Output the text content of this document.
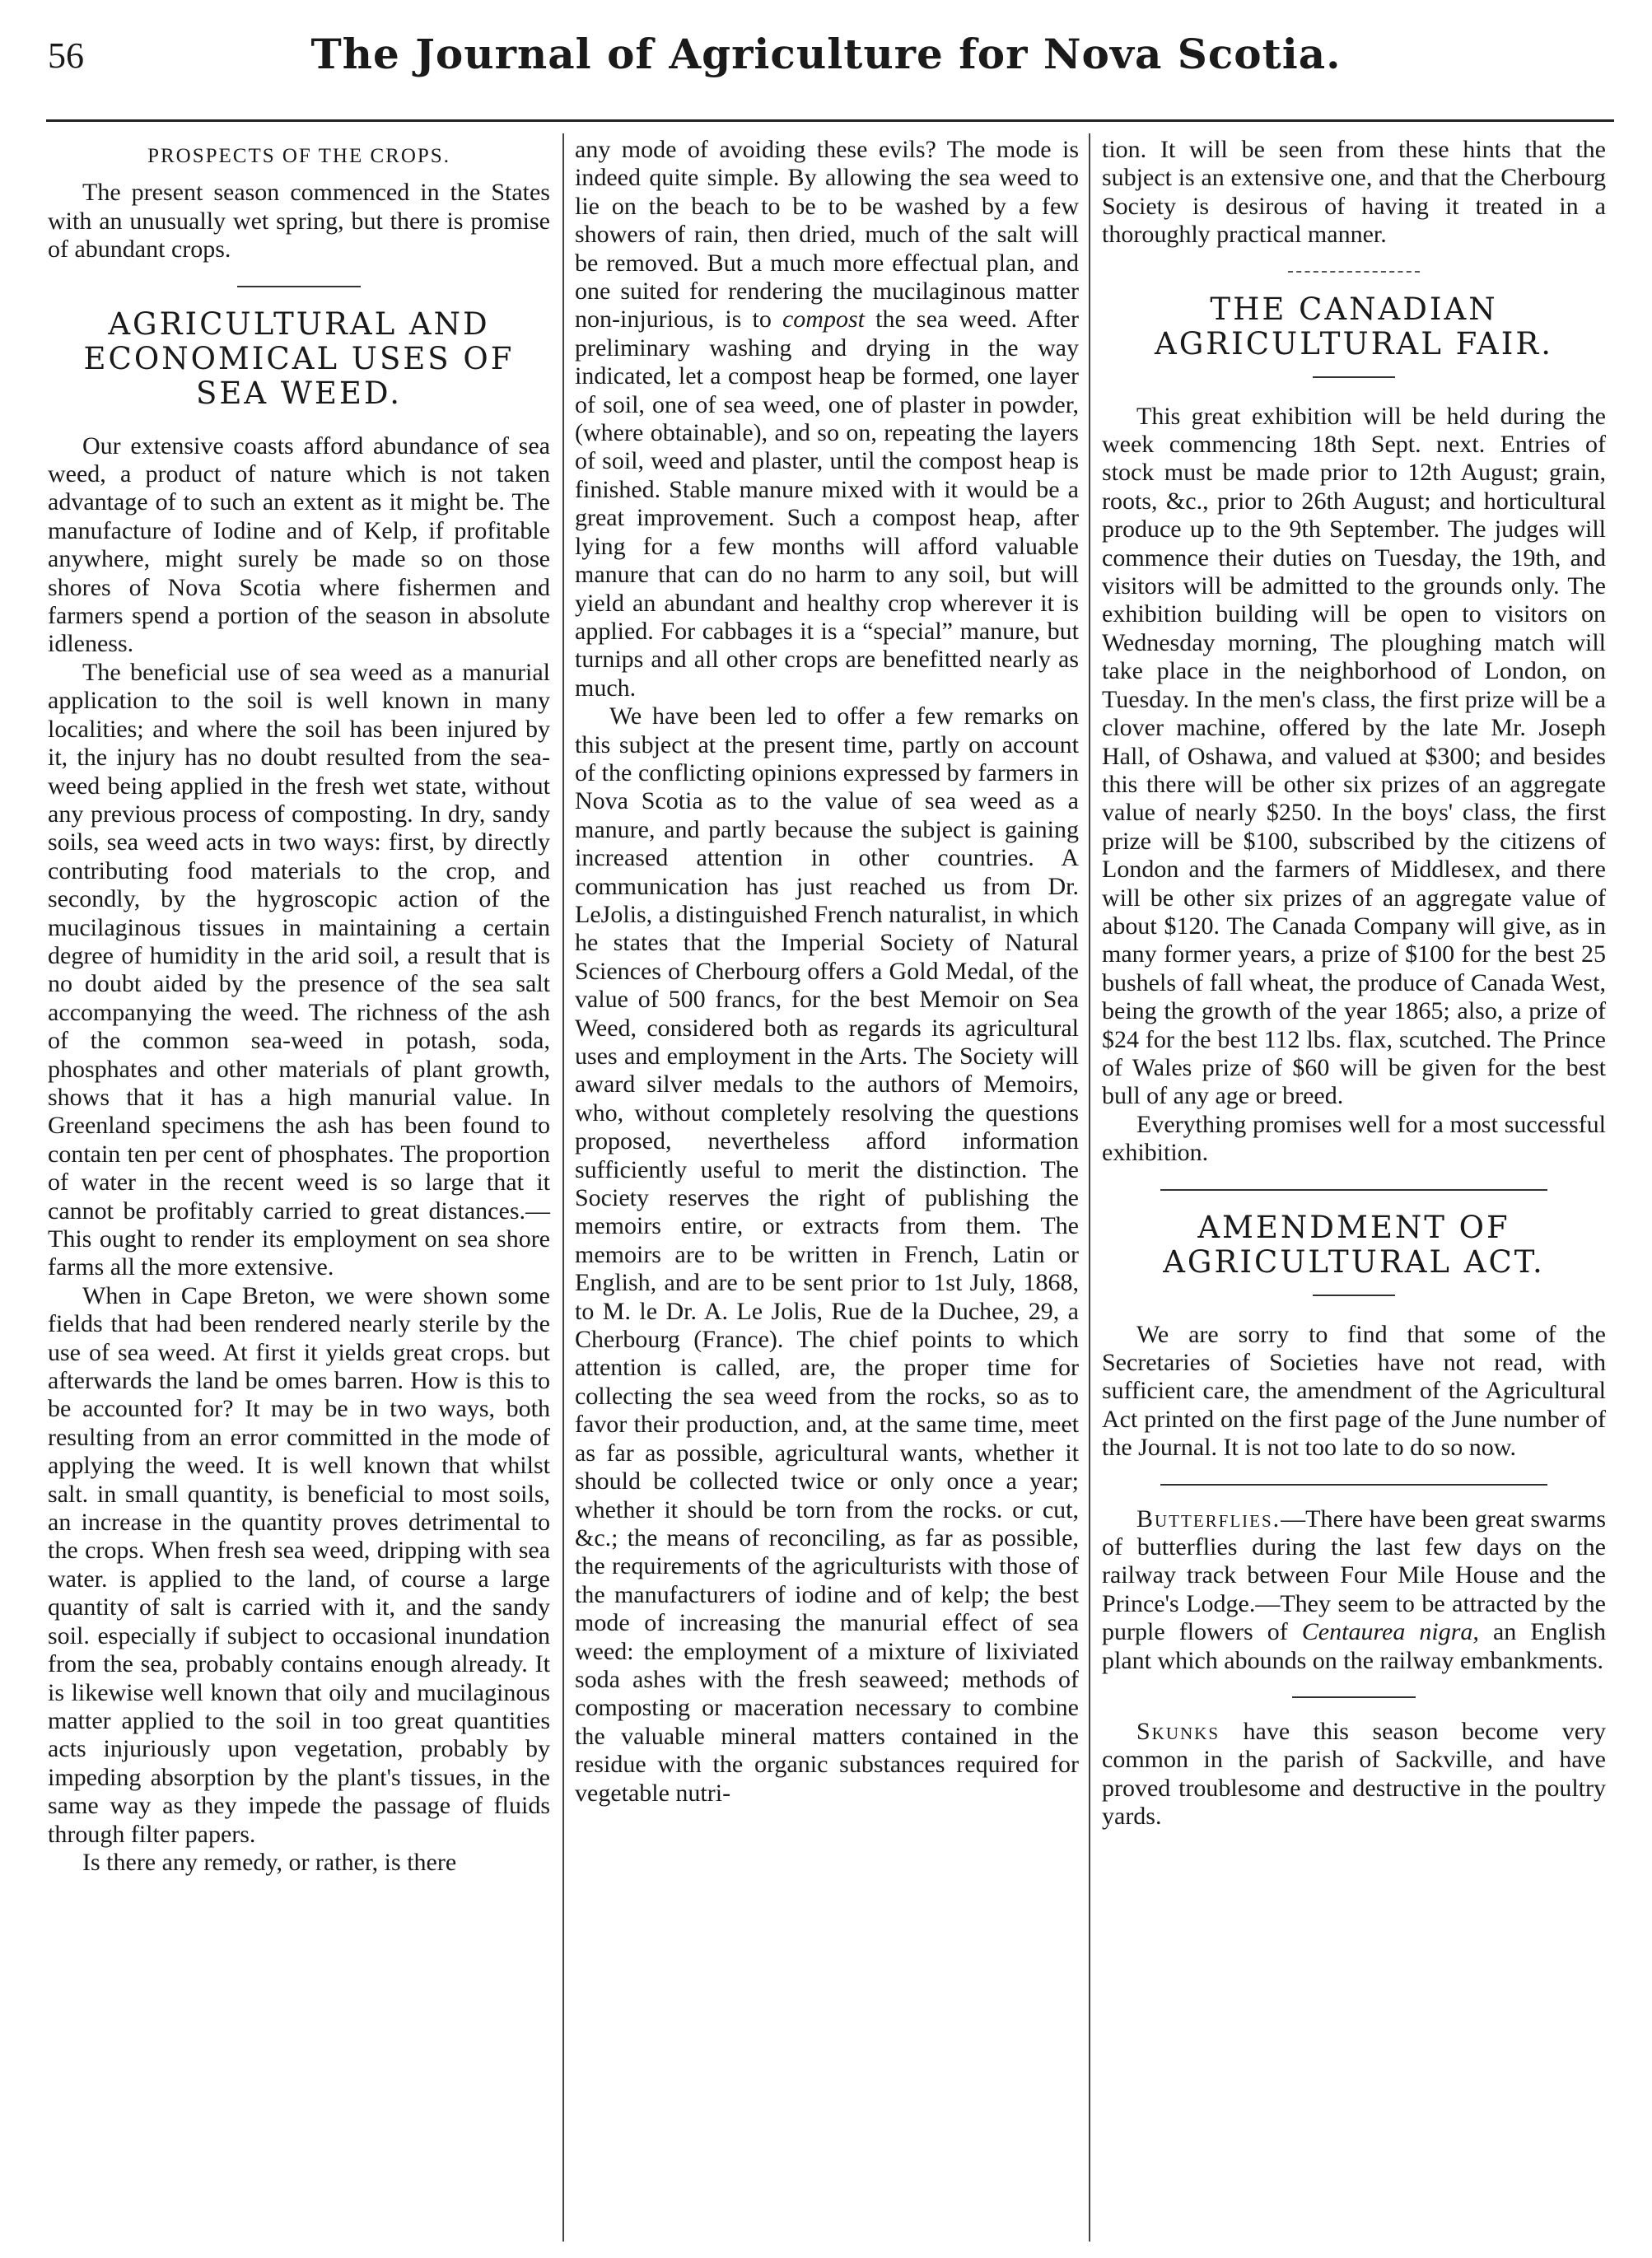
56	The Journal of Agriculture for Nova Scotia.
PROSPECTS OF THE CROPS.

The present season commenced in the States with an unusually wet spring, but there is promise of abundant crops.

AGRICULTURAL AND ECONOMICAL USES OF SEA WEED.

Our extensive coasts afford abundance of sea weed, a product of nature which is not taken advantage of to such an extent as it might be. The manufacture of Iodine and of Kelp, if profitable anywhere, might surely be made so on those shores of Nova Scotia where fishermen and farmers spend a portion of the season in absolute idleness.

The beneficial use of sea weed as a manurial application to the soil is well known in many localities; and where the soil has been injured by it, the injury has no doubt resulted from the sea-weed being applied in the fresh wet state, without any previous process of composting. In dry, sandy soils, sea weed acts in two ways: first, by directly contributing food materials to the crop, and secondly, by the hygroscopic action of the mucilaginous tissues in maintaining a certain degree of humidity in the arid soil, a result that is no doubt aided by the presence of the sea salt accompanying the weed. The richness of the ash of the common sea-weed in potash, soda, phosphates and other materials of plant growth, shows that it has a high manurial value. In Greenland specimens the ash has been found to contain ten per cent of phosphates. The proportion of water in the recent weed is so large that it cannot be profitably carried to great distances.—This ought to render its employment on sea shore farms all the more extensive.

When in Cape Breton, we were shown some fields that had been rendered nearly sterile by the use of sea weed. At first it yields great crops. but afterwards the land be omes barren. How is this to be accounted for? It may be in two ways, both resulting from an error committed in the mode of applying the weed. It is well known that whilst salt. in small quantity, is beneficial to most soils, an increase in the quantity proves detrimental to the crops. When fresh sea weed, dripping with sea water. is applied to the land, of course a large quantity of salt is carried with it, and the sandy soil. especially if subject to occasional inundation from the sea, probably contains enough already. It is likewise well known that oily and mucilaginous matter applied to the soil in too great quantities acts injuriously upon vegetation, probably by impeding absorption by the plant's tissues, in the same way as they impede the passage of fluids through filter papers.

Is there any remedy, or rather, is there

any mode of avoiding these evils? The mode is indeed quite simple. By allowing the sea weed to lie on the beach to be to be washed by a few showers of rain, then dried, much of the salt will be removed. But a much more effectual plan, and one suited for rendering the mucilaginous matter non-injurious, is to compost the sea weed. After preliminary washing and drying in the way indicated, let a compost heap be formed, one layer of soil, one of sea weed, one of plaster in powder, (where obtainable), and so on, repeating the layers of soil, weed and plaster, until the compost heap is finished. Stable manure mixed with it would be a great improvement. Such a compost heap, after lying for a few months will afford valuable manure that can do no harm to any soil, but will yield an abundant and healthy crop wherever it is applied. For cabbages it is a “special” manure, but turnips and all other crops are benefitted nearly as much.

We have been led to offer a few remarks on this subject at the present time, partly on account of the conflicting opinions expressed by farmers in Nova Scotia as to the value of sea weed as a manure, and partly because the subject is gaining increased attention in other countries. A communication has just reached us from Dr. LeJolis, a distinguished French naturalist, in which he states that the Imperial Society of Natural Sciences of Cherbourg offers a Gold Medal, of the value of 500 francs, for the best Memoir on Sea Weed, considered both as regards its agricultural uses and employment in the Arts. The Society will award silver medals to the authors of Memoirs, who, without completely resolving the questions proposed, nevertheless afford information sufficiently useful to merit the distinction. The Society reserves the right of publishing the memoirs entire, or extracts from them. The memoirs are to be written in French, Latin or English, and are to be sent prior to 1st July, 1868, to M. le Dr. A. Le Jolis, Rue de la Duchee, 29, a Cherbourg (France). The chief points to which attention is called, are, the proper time for collecting the sea weed from the rocks, so as to favor their production, and, at the same time, meet as far as possible, agricultural wants, whether it should be collected twice or only once a year; whether it should be torn from the rocks. or cut, &c.; the means of reconciling, as far as possible, the requirements of the agriculturists with those of the manufacturers of iodine and of kelp; the best mode of increasing the manurial effect of sea weed: the employment of a mixture of lixiviated soda ashes with the fresh seaweed; methods of composting or maceration necessary to combine the valuable mineral matters contained in the residue with the organic substances required for vegetable nutri-

tion. It will be seen from these hints that the subject is an extensive one, and that the Cherbourg Society is desirous of having it treated in a thoroughly practical manner.

THE CANADIAN AGRICULTURAL FAIR.

This great exhibition will be held during the week commencing 18th Sept. next. Entries of stock must be made prior to 12th August; grain, roots, &c., prior to 26th August; and horticultural produce up to the 9th September. The judges will commence their duties on Tuesday, the 19th, and visitors will be admitted to the grounds only. The exhibition building will be open to visitors on Wednesday morning, The ploughing match will take place in the neighborhood of London, on Tuesday. In the men's class, the first prize will be a clover machine, offered by the late Mr. Joseph Hall, of Oshawa, and valued at $300; and besides this there will be other six prizes of an aggregate value of nearly $250. In the boys' class, the first prize will be $100, subscribed by the citizens of London and the farmers of Middlesex, and there will be other six prizes of an aggregate value of about $120. The Canada Company will give, as in many former years, a prize of $100 for the best 25 bushels of fall wheat, the produce of Canada West, being the growth of the year 1865; also, a prize of $24 for the best 112 lbs. flax, scutched. The Prince of Wales prize of $60 will be given for the best bull of any age or breed.

Everything promises well for a most successful exhibition.

AMENDMENT OF AGRICULTURAL ACT.

We are sorry to find that some of the Secretaries of Societies have not read, with sufficient care, the amendment of the Agricultural Act printed on the first page of the June number of the Journal. It is not too late to do so now.

Butterflies.—There have been great swarms of butterflies during the last few days on the railway track between Four Mile House and the Prince's Lodge.—They seem to be attracted by the purple flowers of Centaurea nigra, an English plant which abounds on the railway embankments.

Skunks have this season become very common in the parish of Sackville, and have proved troublesome and destructive in the poultry yards.
